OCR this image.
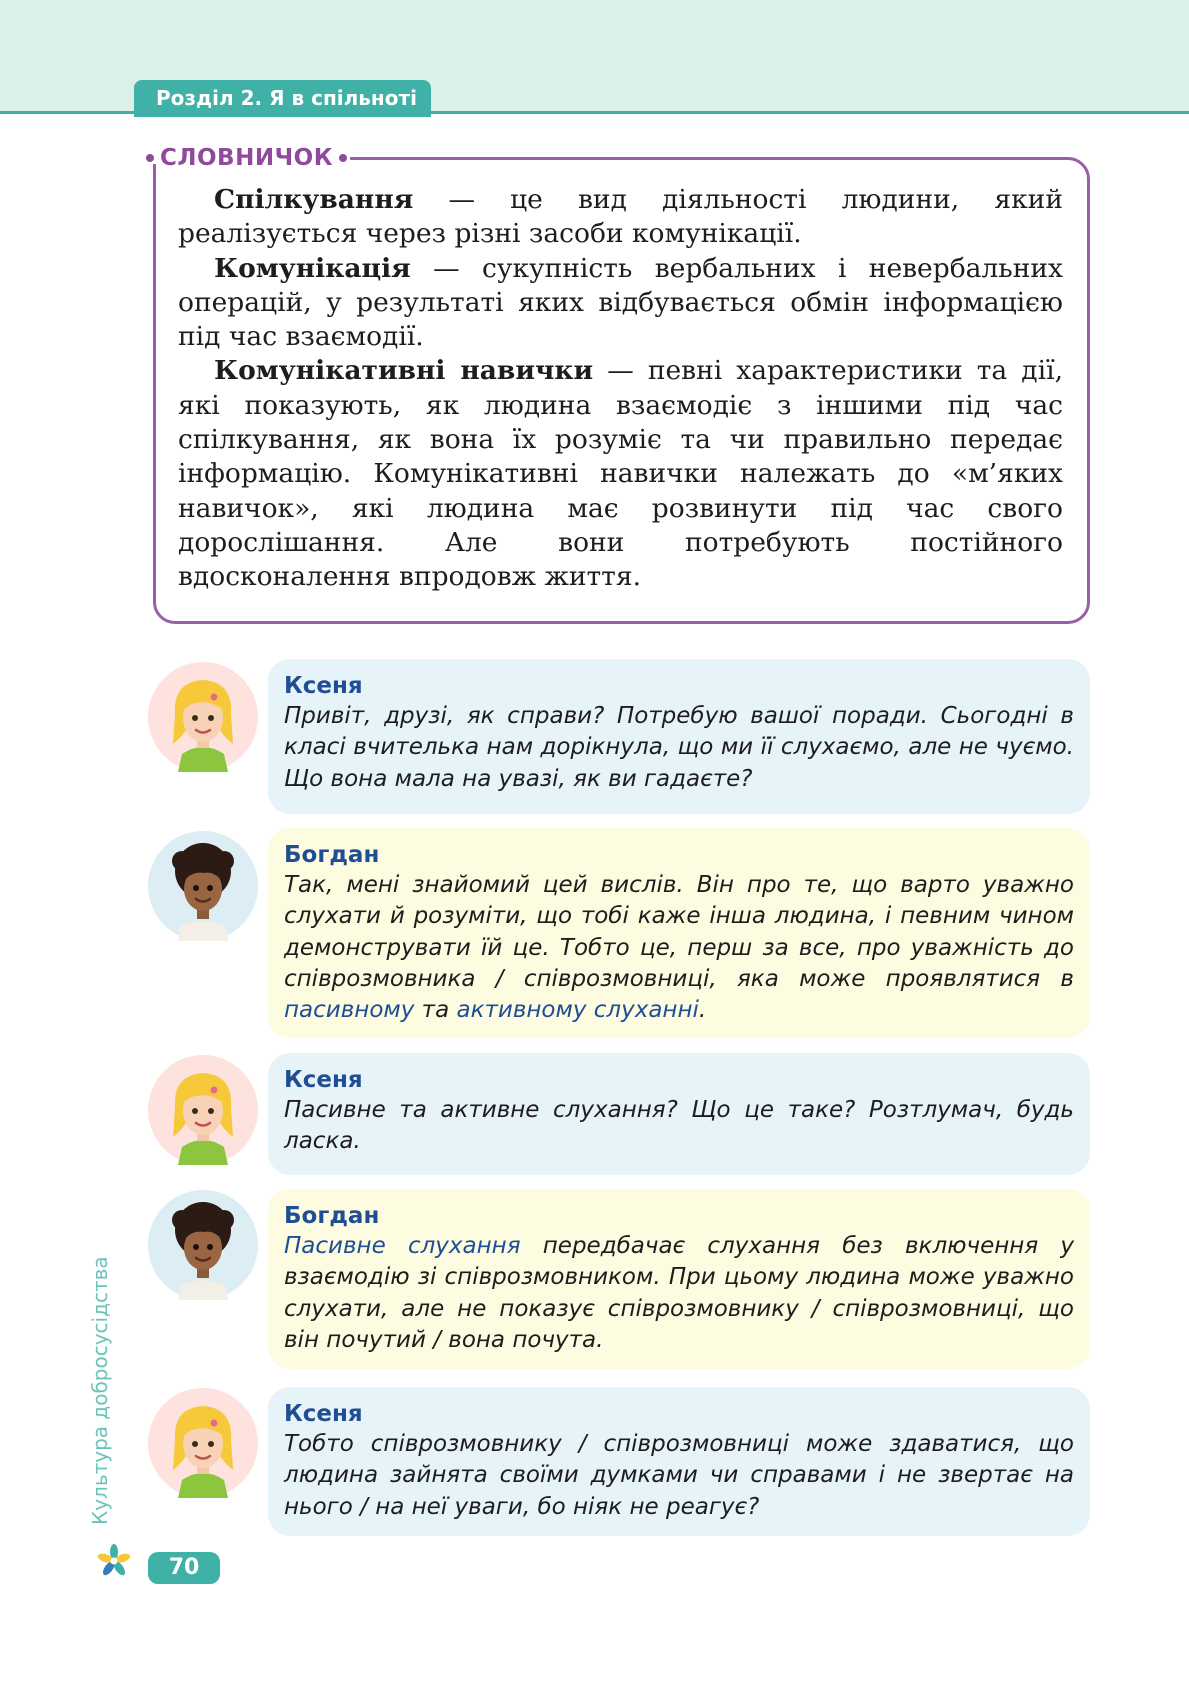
Розділ 2. Я в спільноті
СЛОВНИЧОК

Спілкування — це вид діяльності людини, який реалізується через різні засоби комунікації.

Комунікація — сукупність вербальних і невербальних операцій, у результаті яких відбувається обмін інформацією під час взаємодії.

Комунікативні навички — певні характеристики та дії, які показують, як людина взаємодіє з іншими під час спілкування, як вона їх розуміє та чи правильно передає інформацію. Комунікативні навички належать до «м’яких навичок», які людина має розвинути під час свого дорослішання. Але вони потребують постійного вдосконалення впродовж життя.

Ксеня
Привіт, друзі, як справи? Потребую вашої поради. Сьогодні в класі вчителька нам дорікнула, що ми її слухаємо, але не чуємо. Що вона мала на увазі, як ви гадаєте?
Богдан
Так, мені знайомий цей вислів. Він про те, що варто уважно слухати й розуміти, що тобі каже інша людина, і певним чином демонструвати їй це. Тобто це, перш за все, про уважність до співрозмовника / співрозмовниці, яка може проявлятися в пасивному та активному слуханні.
Ксеня
Пасивне та активне слухання? Що це таке? Розтлумач, будь ласка.
Богдан
Пасивне слухання передбачає слухання без включення у взаємодію зі співрозмовником. При цьому людина може уважно слухати, але не показує співрозмовнику / співрозмовниці, що він почутий / вона почута.
Ксеня
Тобто співрозмовнику / співрозмовниці може здаватися, що людина зайнята своїми думками чи справами і не звертає на нього / на неї уваги, бо ніяк не реагує?
Культура добросусідства
70
